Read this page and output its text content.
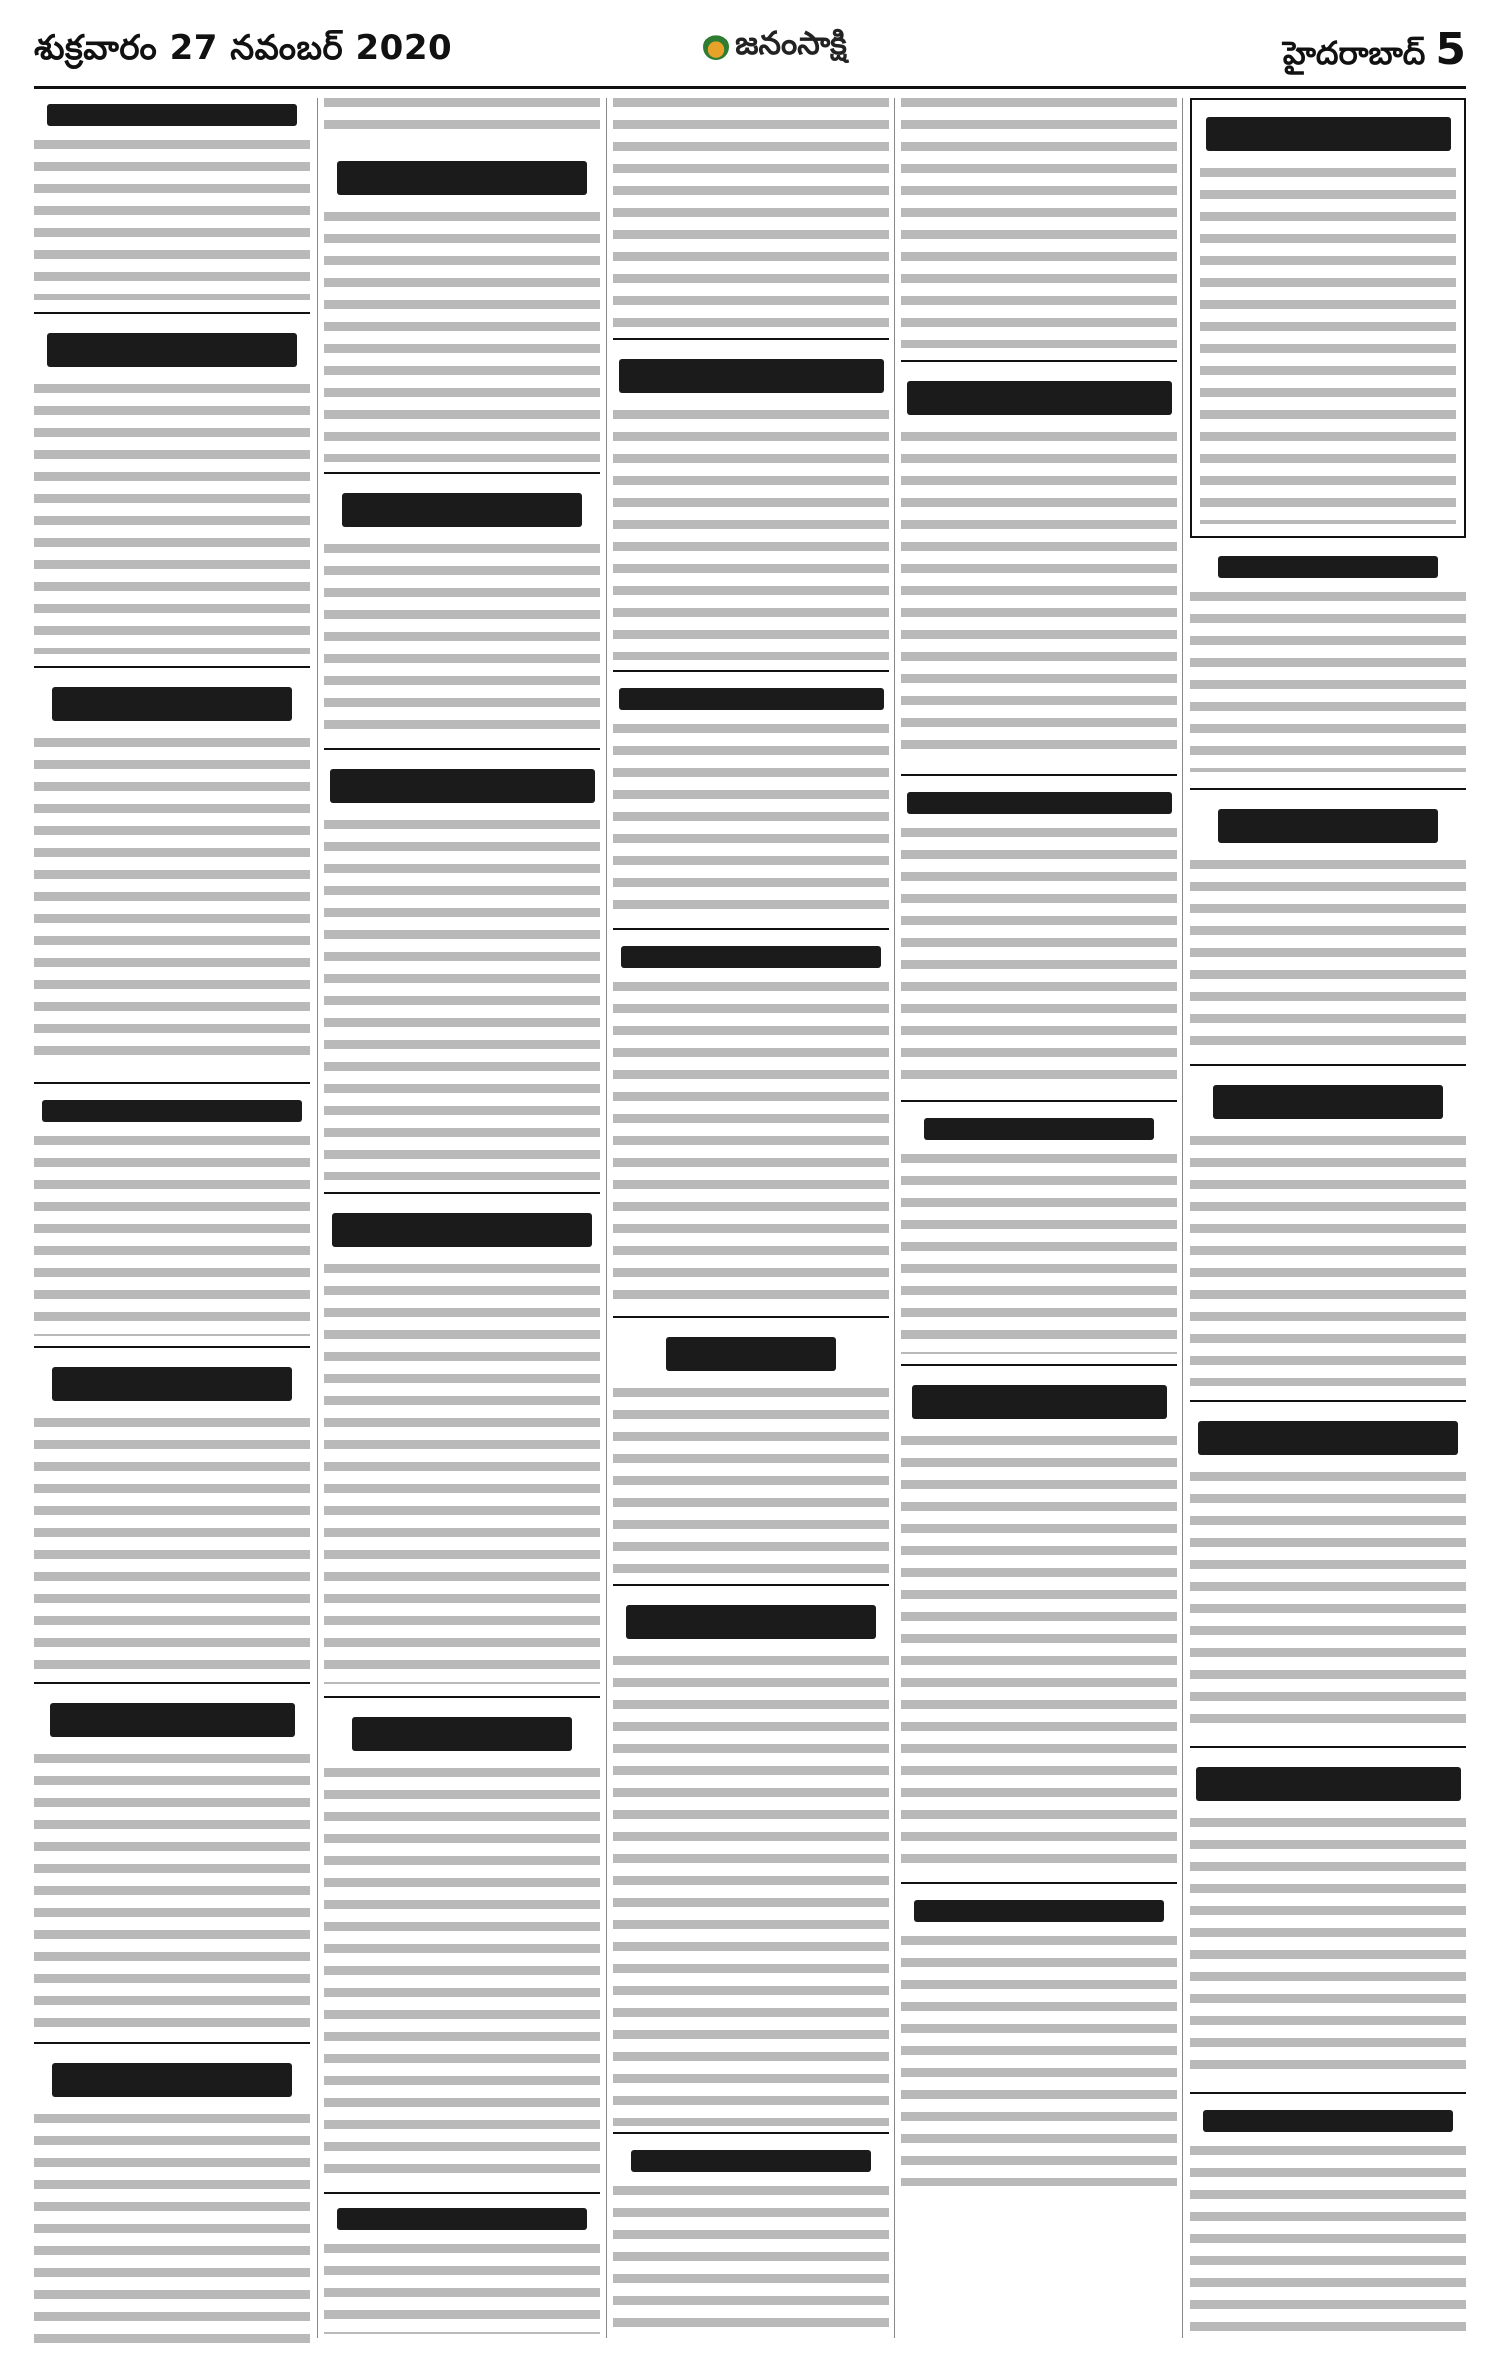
శుక్రవారం 27 నవంబర్ 2020	జనంసాక్షి	హైదరాబాద్ 5
